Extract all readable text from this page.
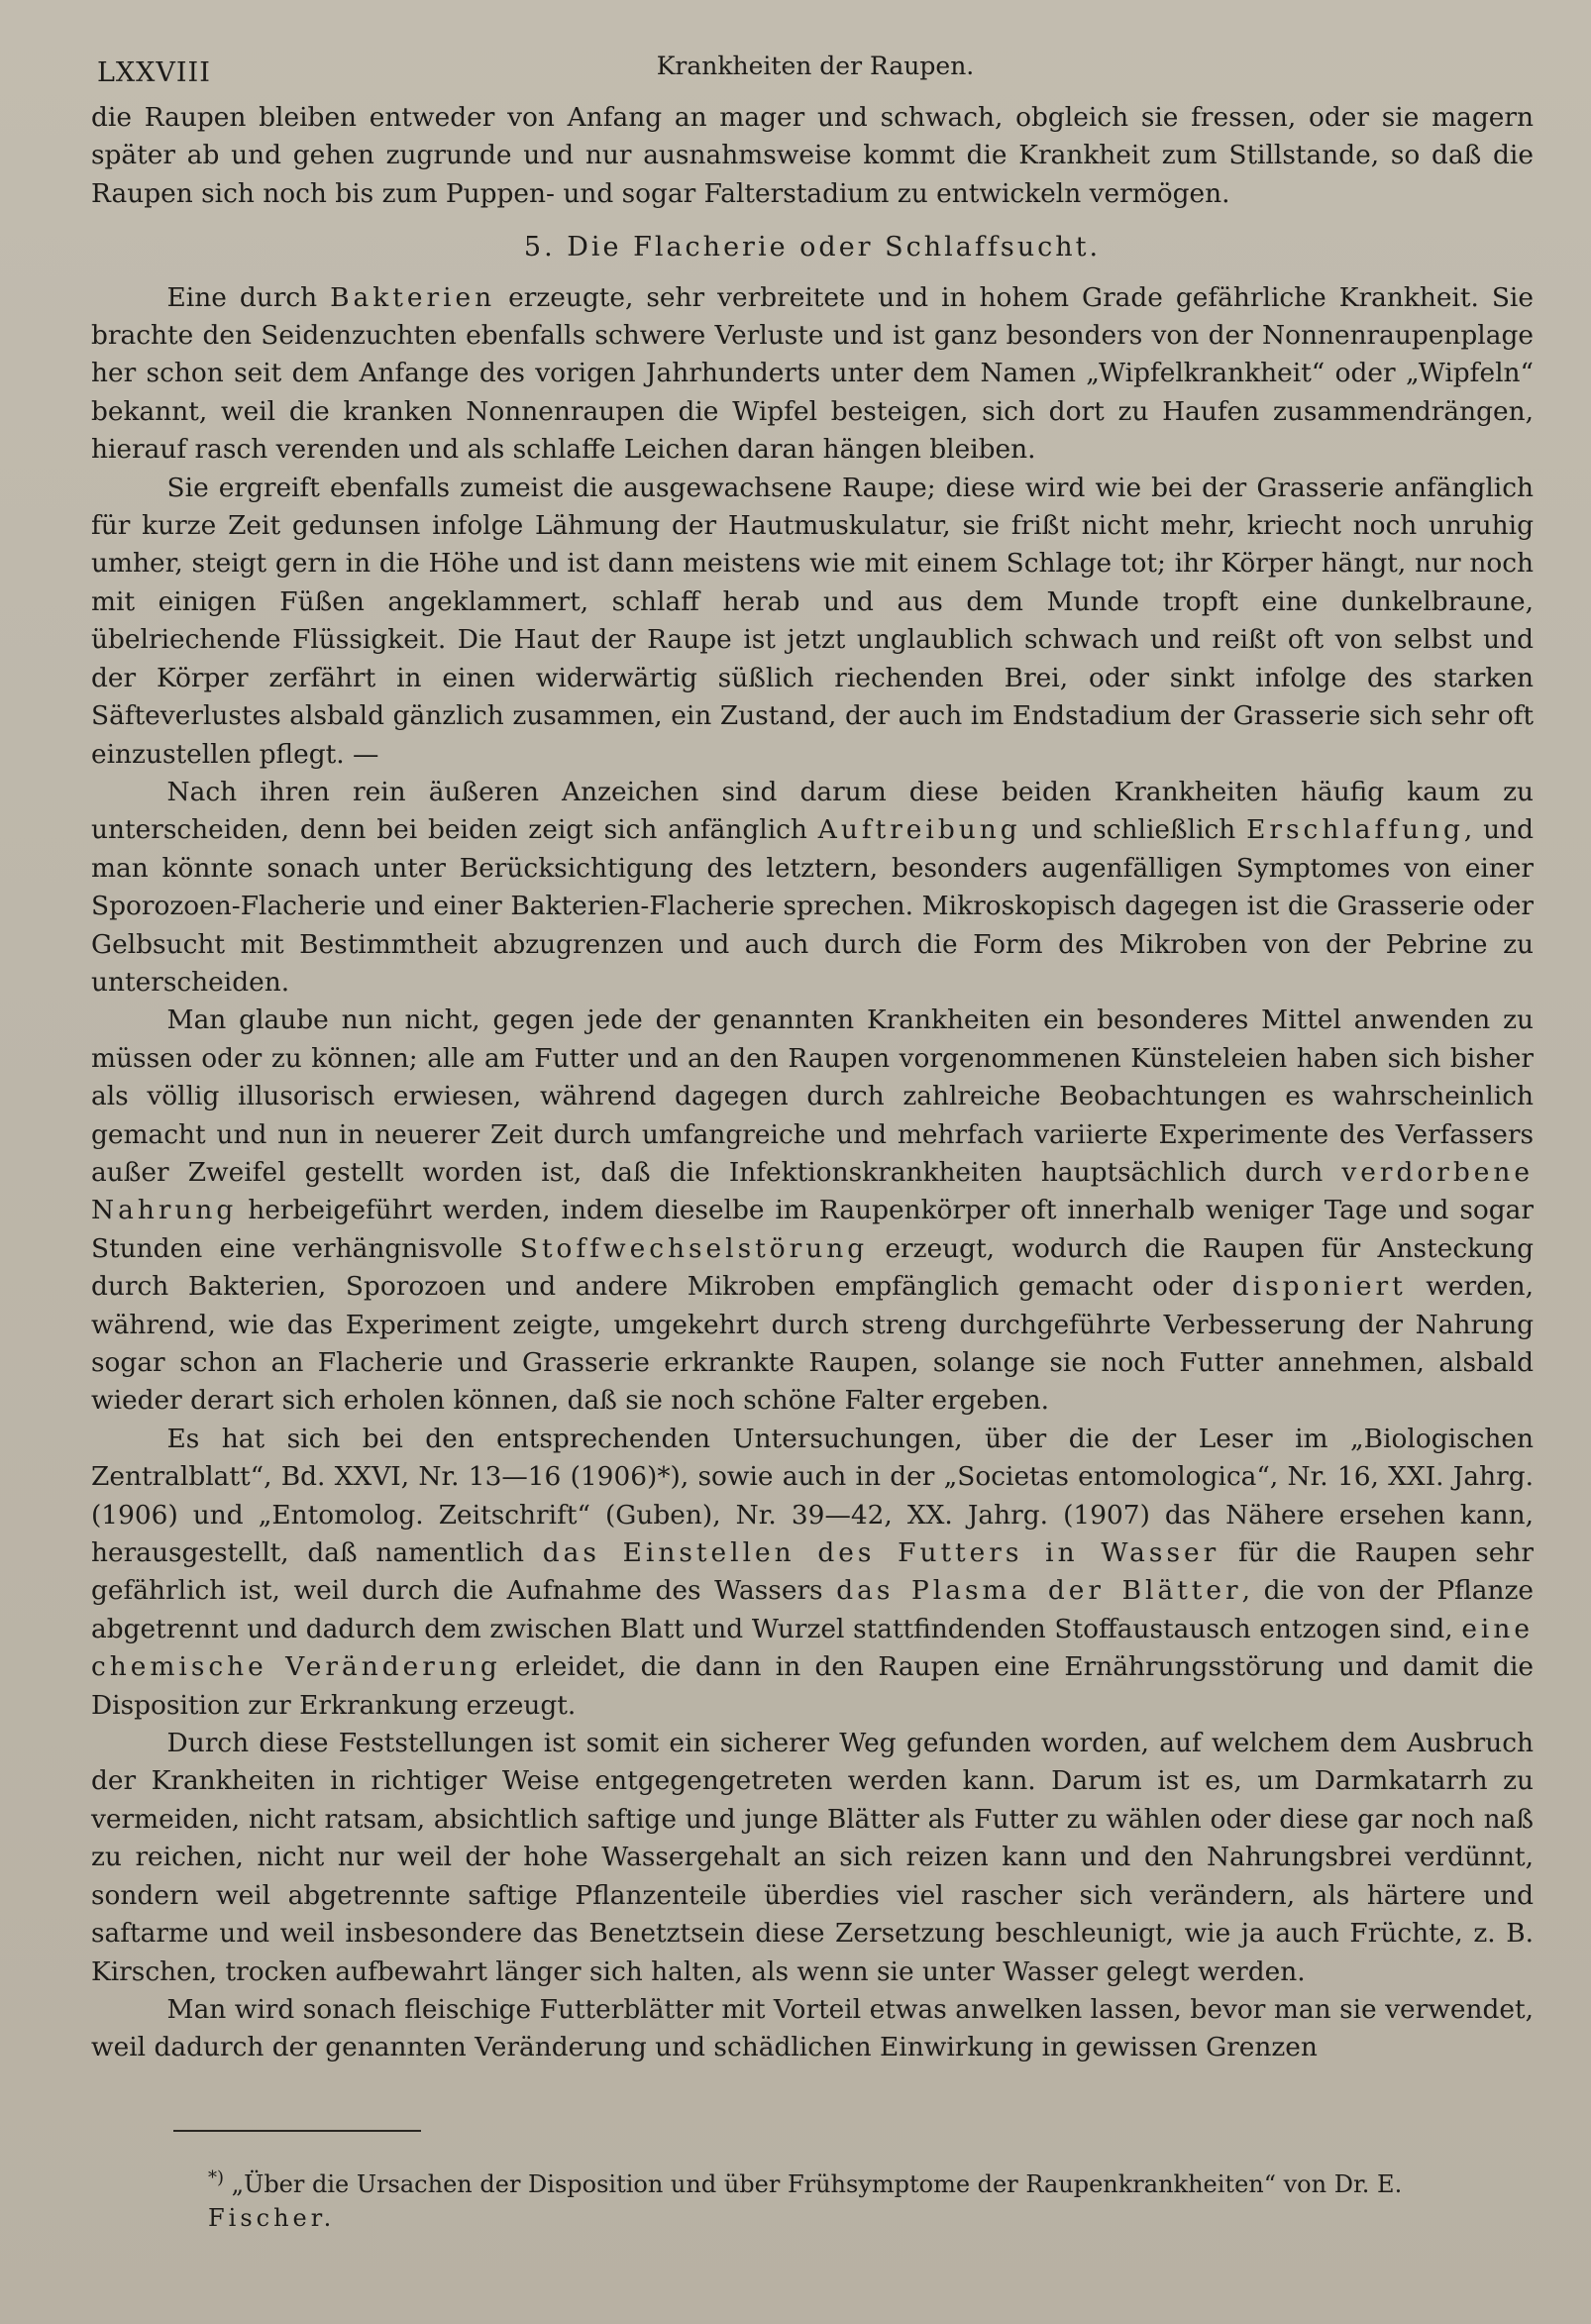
LXXVIII	Krankheiten der Raupen.

die Raupen bleiben entweder von Anfang an mager und schwach, obgleich sie fressen, oder sie magern später ab und gehen zugrunde und nur ausnahmsweise kommt die Krankheit zum Stillstande, so daß die Raupen sich noch bis zum Puppen- und sogar Falterstadium zu entwickeln vermögen.

5. Die Flacherie oder Schlaffsucht.

Eine durch Bakterien erzeugte, sehr verbreitete und in hohem Grade gefährliche Krankheit. Sie brachte den Seidenzuchten ebenfalls schwere Verluste und ist ganz besonders von der Nonnenraupenplage her schon seit dem Anfange des vorigen Jahrhunderts unter dem Namen „Wipfelkrankheit“ oder „Wipfeln“ bekannt, weil die kranken Nonnenraupen die Wipfel besteigen, sich dort zu Haufen zusammendrängen, hierauf rasch verenden und als schlaffe Leichen daran hängen bleiben.

Sie ergreift ebenfalls zumeist die ausgewachsene Raupe; diese wird wie bei der Grasserie anfänglich für kurze Zeit gedunsen infolge Lähmung der Hautmuskulatur, sie frißt nicht mehr, kriecht noch unruhig umher, steigt gern in die Höhe und ist dann meistens wie mit einem Schlage tot; ihr Körper hängt, nur noch mit einigen Füßen angeklammert, schlaff herab und aus dem Munde tropft eine dunkelbraune, übelriechende Flüssigkeit. Die Haut der Raupe ist jetzt unglaublich schwach und reißt oft von selbst und der Körper zerfährt in einen widerwärtig süßlich riechenden Brei, oder sinkt infolge des starken Säfteverlustes alsbald gänzlich zusammen, ein Zustand, der auch im Endstadium der Grasserie sich sehr oft einzustellen pflegt. —

Nach ihren rein äußeren Anzeichen sind darum diese beiden Krankheiten häufig kaum zu unterscheiden, denn bei beiden zeigt sich anfänglich Auftreibung und schließlich Erschlaffung, und man könnte sonach unter Berücksichtigung des letztern, besonders augenfälligen Symptomes von einer Sporozoen-Flacherie und einer Bakterien-Flacherie sprechen. Mikroskopisch dagegen ist die Grasserie oder Gelbsucht mit Bestimmtheit abzugrenzen und auch durch die Form des Mikroben von der Pebrine zu unterscheiden.

Man glaube nun nicht, gegen jede der genannten Krankheiten ein besonderes Mittel anwenden zu müssen oder zu können; alle am Futter und an den Raupen vorgenommenen Künsteleien haben sich bisher als völlig illusorisch erwiesen, während dagegen durch zahlreiche Beobachtungen es wahrscheinlich gemacht und nun in neuerer Zeit durch umfangreiche und mehrfach variierte Experimente des Verfassers außer Zweifel gestellt worden ist, daß die Infektionskrankheiten hauptsächlich durch verdorbene Nahrung herbeigeführt werden, indem dieselbe im Raupenkörper oft innerhalb weniger Tage und sogar Stunden eine verhängnisvolle Stoffwechselstörung erzeugt, wodurch die Raupen für Ansteckung durch Bakterien, Sporozoen und andere Mikroben empfänglich gemacht oder disponiert werden, während, wie das Experiment zeigte, umgekehrt durch streng durchgeführte Verbesserung der Nahrung sogar schon an Flacherie und Grasserie erkrankte Raupen, solange sie noch Futter annehmen, alsbald wieder derart sich erholen können, daß sie noch schöne Falter ergeben.

Es hat sich bei den entsprechenden Untersuchungen, über die der Leser im „Biologischen Zentralblatt“, Bd. XXVI, Nr. 13—16 (1906)*), sowie auch in der „Societas entomologica“, Nr. 16, XXI. Jahrg. (1906) und „Entomolog. Zeitschrift“ (Guben), Nr. 39—42, XX. Jahrg. (1907) das Nähere ersehen kann, herausgestellt, daß namentlich das Einstellen des Futters in Wasser für die Raupen sehr gefährlich ist, weil durch die Aufnahme des Wassers das Plasma der Blätter, die von der Pflanze abgetrennt und dadurch dem zwischen Blatt und Wurzel stattfindenden Stoffaustausch entzogen sind, eine chemische Veränderung erleidet, die dann in den Raupen eine Ernährungsstörung und damit die Disposition zur Erkrankung erzeugt.

Durch diese Feststellungen ist somit ein sicherer Weg gefunden worden, auf welchem dem Ausbruch der Krankheiten in richtiger Weise entgegengetreten werden kann. Darum ist es, um Darmkatarrh zu vermeiden, nicht ratsam, absichtlich saftige und junge Blätter als Futter zu wählen oder diese gar noch naß zu reichen, nicht nur weil der hohe Wassergehalt an sich reizen kann und den Nahrungsbrei verdünnt, sondern weil abgetrennte saftige Pflanzenteile überdies viel rascher sich verändern, als härtere und saftarme und weil insbesondere das Benetztsein diese Zersetzung beschleunigt, wie ja auch Früchte, z. B. Kirschen, trocken aufbewahrt länger sich halten, als wenn sie unter Wasser gelegt werden.

Man wird sonach fleischige Futterblätter mit Vorteil etwas anwelken lassen, bevor man sie verwendet, weil dadurch der genannten Veränderung und schädlichen Einwirkung in gewissen Grenzen

*) „Über die Ursachen der Disposition und über Frühsymptome der Raupenkrankheiten“ von Dr. E. Fischer.
